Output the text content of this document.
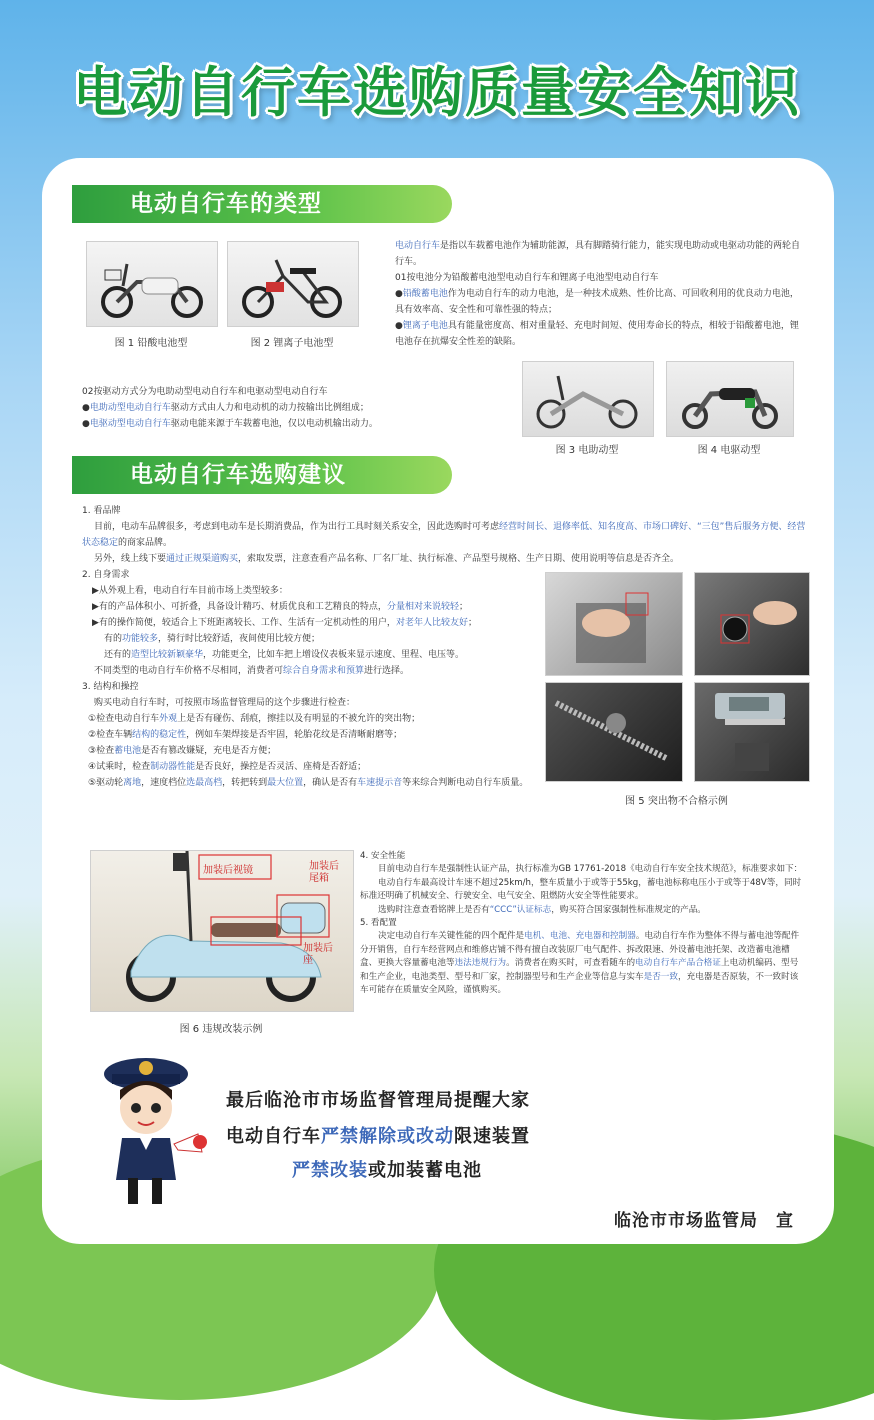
电动自行车选购质量安全知识
电动自行车的类型
图 1 铅酸电池型	图 2 锂离子电池型

电动自行车是指以车载蓄电池作为辅助能源，具有脚踏骑行能力，能实现电助动或电驱动功能的两轮自行车。

01按电池分为铅酸蓄电池型电动自行车和锂离子电池型电动自行车

●铅酸蓄电池作为电动自行车的动力电池，是一种技术成熟、性价比高、可回收利用的优良动力电池，具有效率高、安全性和可靠性强的特点；

●锂离子电池具有能量密度高、相对重量轻、充电时间短、使用寿命长的特点，相较于铅酸蓄电池，锂电池存在抗爆安全性差的缺陷。

02按驱动方式分为电助动型电动自行车和电驱动型电动自行车

●电助动型电动自行车驱动方式由人力和电动机的动力按输出比例组成；

●电驱动型电动自行车驱动电能来源于车载蓄电池，仅以电动机输出动力。

图 3 电助动型	图 4 电驱动型
电动自行车选购建议

1. 看品牌

目前，电动车品牌很多，考虑到电动车是长期消费品，作为出行工具时刻关系安全，因此选购时可考虑经营时间长、退修率低、知名度高、市场口碑好、“三包”售后服务方便、经营状态稳定的商家品牌。

另外，线上线下要通过正规渠道购买，索取发票，注意查看产品名称、厂名厂址、执行标准、产品型号规格、生产日期、使用说明等信息是否齐全。

2. 自身需求

▶从外观上看，电动自行车目前市场上类型较多：

▶有的产品体积小、可折叠，具备设计精巧、材质优良和工艺精良的特点，分量相对来说较轻；

▶有的操作简便，较适合上下班距离较长、工作、生活有一定机动性的用户，对老年人比较友好；

有的功能较多，骑行时比较舒适，夜间使用比较方便；

还有的造型比较新颖豪华，功能更全，比如车把上增设仪表板来显示速度、里程、电压等。

不同类型的电动自行车价格不尽相同，消费者可综合自身需求和预算进行选择。

3. 结构和操控

购买电动自行车时，可按照市场监督管理局的这个步骤进行检查：

①检查电动自行车外观上是否有碰伤、刮痕，擦挂以及有明显的不被允许的突出物；

②检查车辆结构的稳定性，例如车架焊接是否牢固，轮胎花纹是否清晰耐磨等；

③检查蓄电池是否有篡改嫌疑，充电是否方便；

④试乘时，检查制动器性能是否良好，操控是否灵活、座椅是否舒适；

⑤驱动轮离地，速度档位选最高档，转把转到最大位置，确认是否有车速提示音等来综合判断电动自行车质量。

图 5 突出物不合格示例
加装后视镜	加装后尾箱
加装后座
图 6 违规改装示例

4. 安全性能

目前电动自行车是强制性认证产品，执行标准为GB 17761-2018《电动自行车安全技术规范》，标准要求如下：

电动自行车最高设计车速不超过25km/h，整车质量小于或等于55kg，蓄电池标称电压小于或等于48V等，同时标准还明确了机械安全、行驶安全、电气安全、阻燃防火安全等性能要求。

选购时注意查看铭牌上是否有“CCC”认证标志，购买符合国家强制性标准规定的产品。

5. 看配置

决定电动自行车关键性能的四个配件是电机、电池、充电器和控制器。电动自行车作为整体不得与蓄电池等配件分开销售，自行车经营网点和维修店铺不得有擅自改装原厂电气配件、拆改限速、外设蓄电池托架、改造蓄电池槽盒、更换大容量蓄电池等违法违规行为。消费者在购买时，可查看随车的电动自行车产品合格证上电动机编码、型号和生产企业，电池类型、型号和厂家，控制器型号和生产企业等信息与实车是否一致，充电器是否原装，不一致时该车可能存在质量安全风险，谨慎购买。

最后临沧市市场监督管理局提醒大家
电动自行车严禁解除或改动限速装置
严禁改装或加装蓄电池
临沧市市场监管局　宣
